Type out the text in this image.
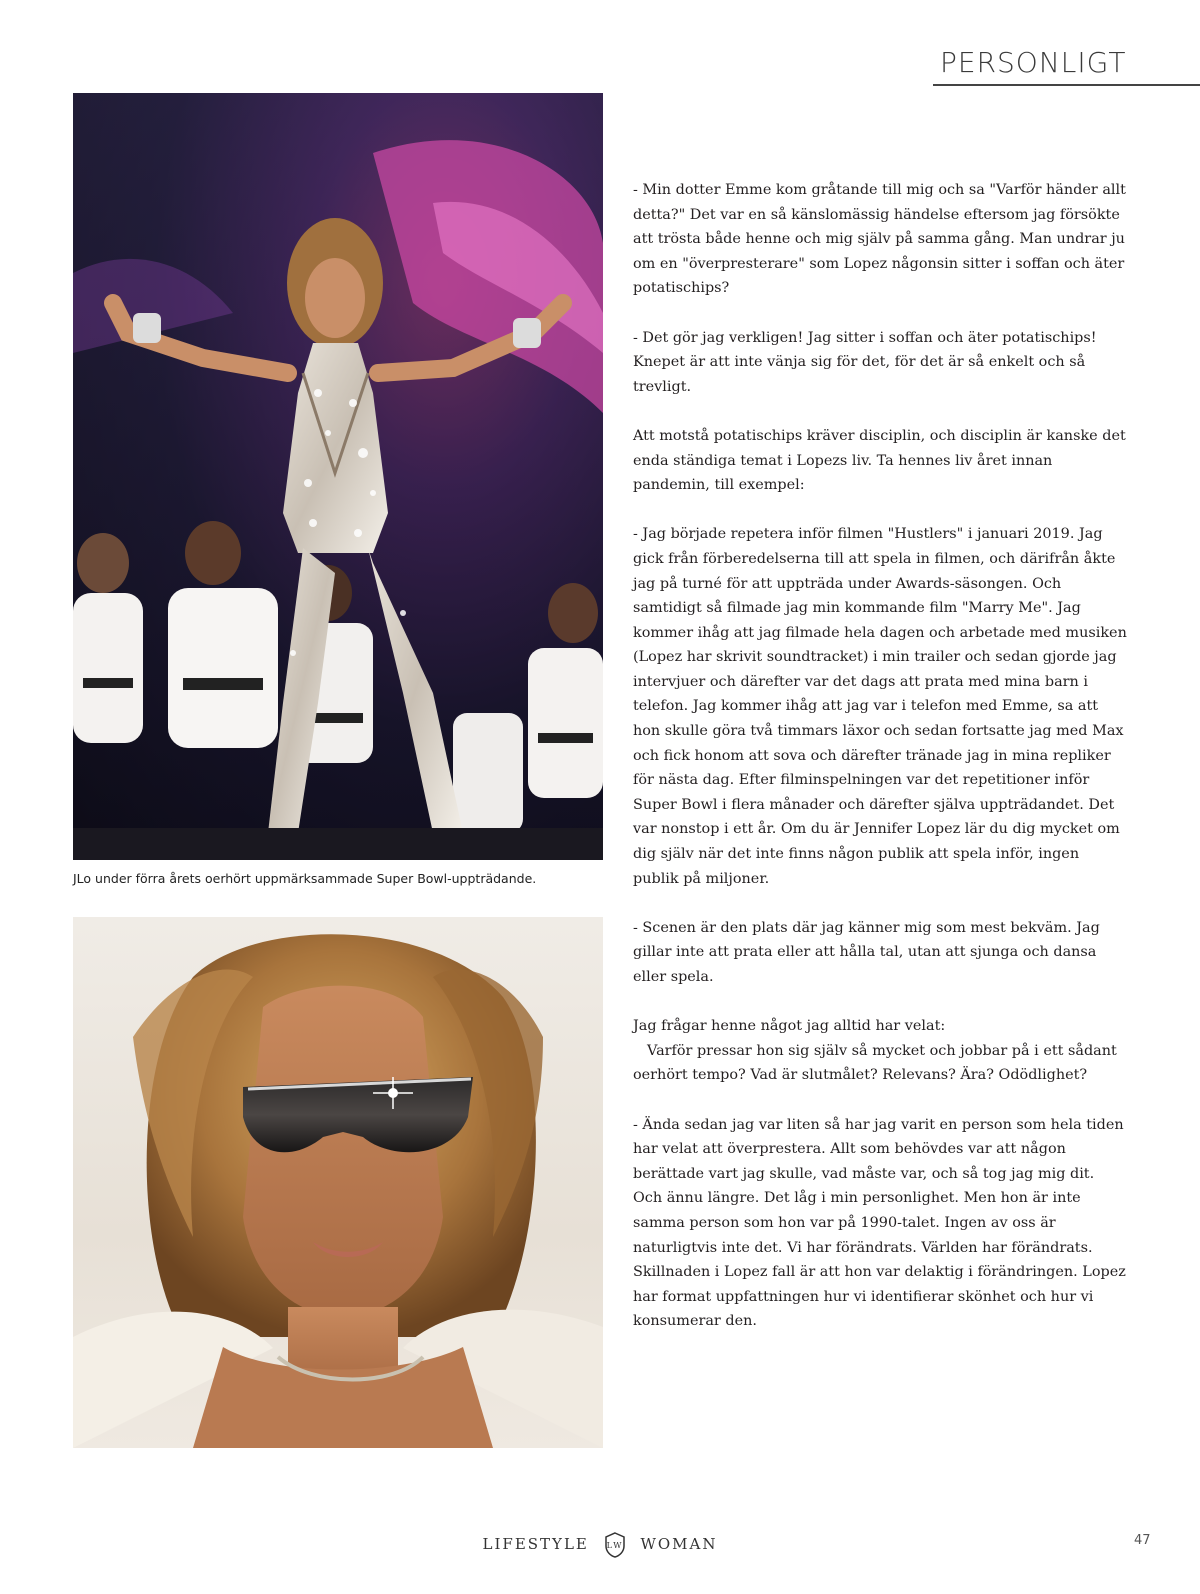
PERSONLIGT
JLo under förra årets oerhört uppmärksammade Super Bowl-uppträdande.

- Min dotter Emme kom gråtande till mig och sa "Varför händer allt detta?" Det var en så känslomässig händelse eftersom jag försökte att trösta både henne och mig själv på samma gång. Man undrar ju om en "överpresterare" som Lopez någonsin sitter i soffan och äter potatischips?

- Det gör jag verkligen! Jag sitter i soffan och äter potatischips! Knepet är att inte vänja sig för det, för det är så enkelt och så trevligt.

Att motstå potatischips kräver disciplin, och disciplin är kanske det enda ständiga temat i Lopezs liv. Ta hennes liv året innan pandemin, till exempel:

- Jag började repetera inför filmen "Hustlers" i januari 2019. Jag gick från förberedelserna till att spela in filmen, och därifrån åkte jag på turné för att uppträda under Awards-säsongen. Och samtidigt så filmade jag min kommande film "Marry Me". Jag kommer ihåg att jag filmade hela dagen och arbetade med musiken (Lopez har skrivit soundtracket) i min trailer och sedan gjorde jag intervjuer och därefter var det dags att prata med mina barn i telefon. Jag kommer ihåg att jag var i telefon med Emme, sa att hon skulle göra två timmars läxor och sedan fortsatte jag med Max och fick honom att sova och därefter tränade jag in mina repliker för nästa dag. Efter filminspelningen var det repetitioner inför Super Bowl i flera månader och därefter själva uppträdandet. Det var nonstop i ett år. Om du är Jennifer Lopez lär du dig mycket om dig själv när det inte finns någon publik att spela inför, ingen publik på miljoner.

- Scenen är den plats där jag känner mig som mest bekväm. Jag gillar inte att prata eller att hålla tal, utan att sjunga och dansa eller spela.

Jag frågar henne något jag alltid har velat:

Varför pressar hon sig själv så mycket och jobbar på i ett sådant oerhört tempo? Vad är slutmålet? Relevans? Ära? Odödlighet?

- Ända sedan jag var liten så har jag varit en person som hela tiden har velat att överprestera. Allt som behövdes var att någon berättade vart jag skulle, vad måste var, och så tog jag mig dit. Och ännu längre. Det låg i min personlighet. Men hon är inte samma person som hon var på 1990-talet. Ingen av oss är naturligtvis inte det. Vi har förändrats. Världen har förändrats. Skillnaden i Lopez fall är att hon var delaktig i förändringen. Lopez har format uppfattningen hur vi identifierar skönhet och hur vi konsumerar den.

LIFESTYLE LW WOMAN	47
